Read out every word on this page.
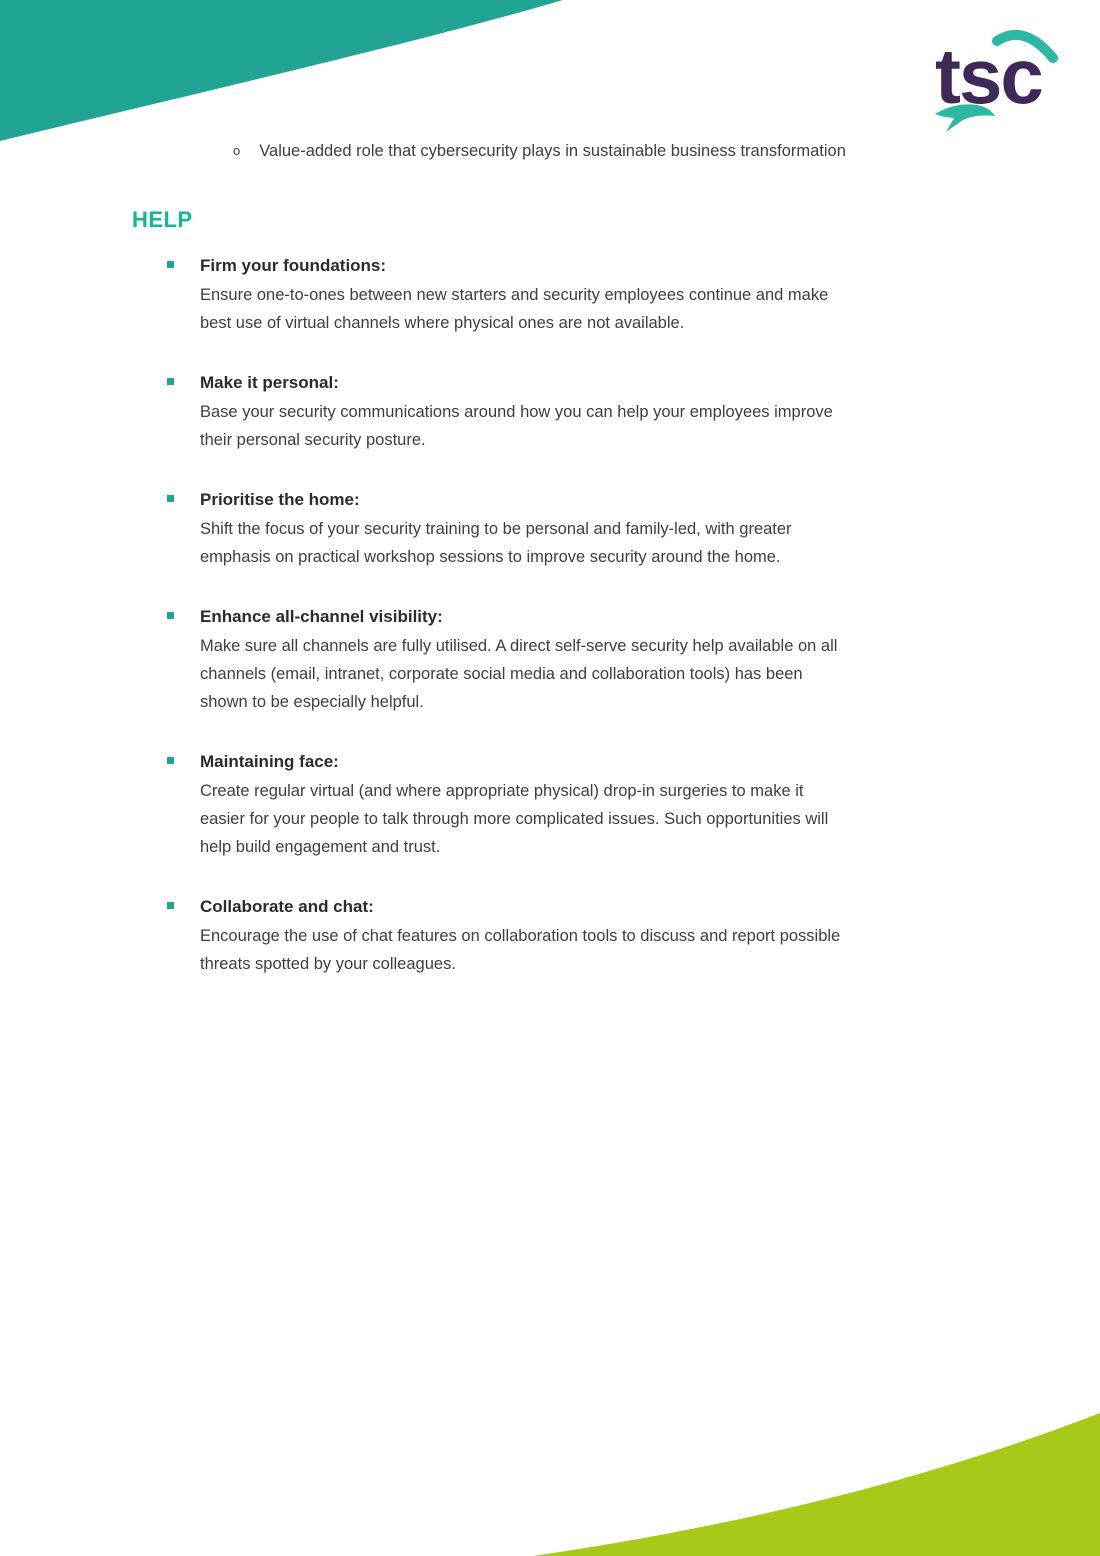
tsc
o Value-added role that cybersecurity plays in sustainable business transformation
HELP
Firm your foundations:
Ensure one-to-ones between new starters and security employees continue and make
best use of virtual channels where physical ones are not available.
Make it personal:
Base your security communications around how you can help your employees improve
their personal security posture.
Prioritise the home:
Shift the focus of your security training to be personal and family-led, with greater
emphasis on practical workshop sessions to improve security around the home.
Enhance all-channel visibility:
Make sure all channels are fully utilised. A direct self-serve security help available on all
channels (email, intranet, corporate social media and collaboration tools) has been
shown to be especially helpful.
Maintaining face:
Create regular virtual (and where appropriate physical) drop-in surgeries to make it
easier for your people to talk through more complicated issues. Such opportunities will
help build engagement and trust.
Collaborate and chat:
Encourage the use of chat features on collaboration tools to discuss and report possible
threats spotted by your colleagues.
